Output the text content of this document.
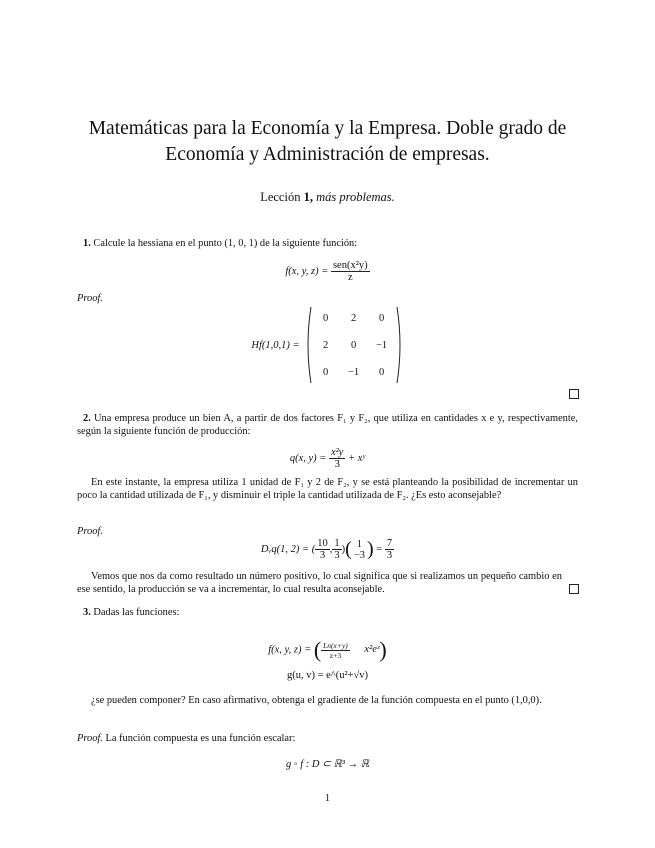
Matemáticas para la Economía y la Empresa. Doble grado de
Economía y Administración de empresas.
Lección 1, más problemas.
1. Calcule la hessiana en el punto (1, 0, 1) de la siguiente función:
f(x, y, $z) = \frac{\text{sen(x²y)}}{z}$
Proof.
Hf(1,0,1) =
0	2	0
2	0	−1
0	−1	0
2. Una empresa produce un bien A, a partir de dos factores F₁ y F₂, que utiliza en cantidades x e y, respectivamente, según la siguiente función de producción:
q(x, $y) = \frac{\text{x²y}}{3}$ + xʸ
En este instante, la empresa utiliza 1 unidad de F₁ y 2 de F₂, y se está planteando la posibilidad de incrementar un poco la cantidad utilizada de F₁, y disminuir el triple la cantidad utilizada de F₂. ¿Es esto aconsejable?
Proof.
Dᵥq(1, 2) = ( $\frac{10}{3}$ , $\frac{1}{3}$ )( 1
−3 ) = $\frac{7}{3}$
Vemos que nos da como resultado un número positivo, lo cual significa que si realizamos un pequeño cambio en ese sentido, la producción se va a incrementar, lo cual resulta aconsejable.
3. Dadas las funciones:
f(x, y, z) = ( $\frac{Ln(x+y)}{z+3}$ x²eᶻ)
g(u, v) = e^(u²+√v)
¿se pueden componer? En caso afirmativo, obtenga el gradiente de la función compuesta en el punto (1,0,0).
Proof. La función compuesta es una función escalar:
g ◦ f : D ⊂ ℝ³ → ℝ
1
